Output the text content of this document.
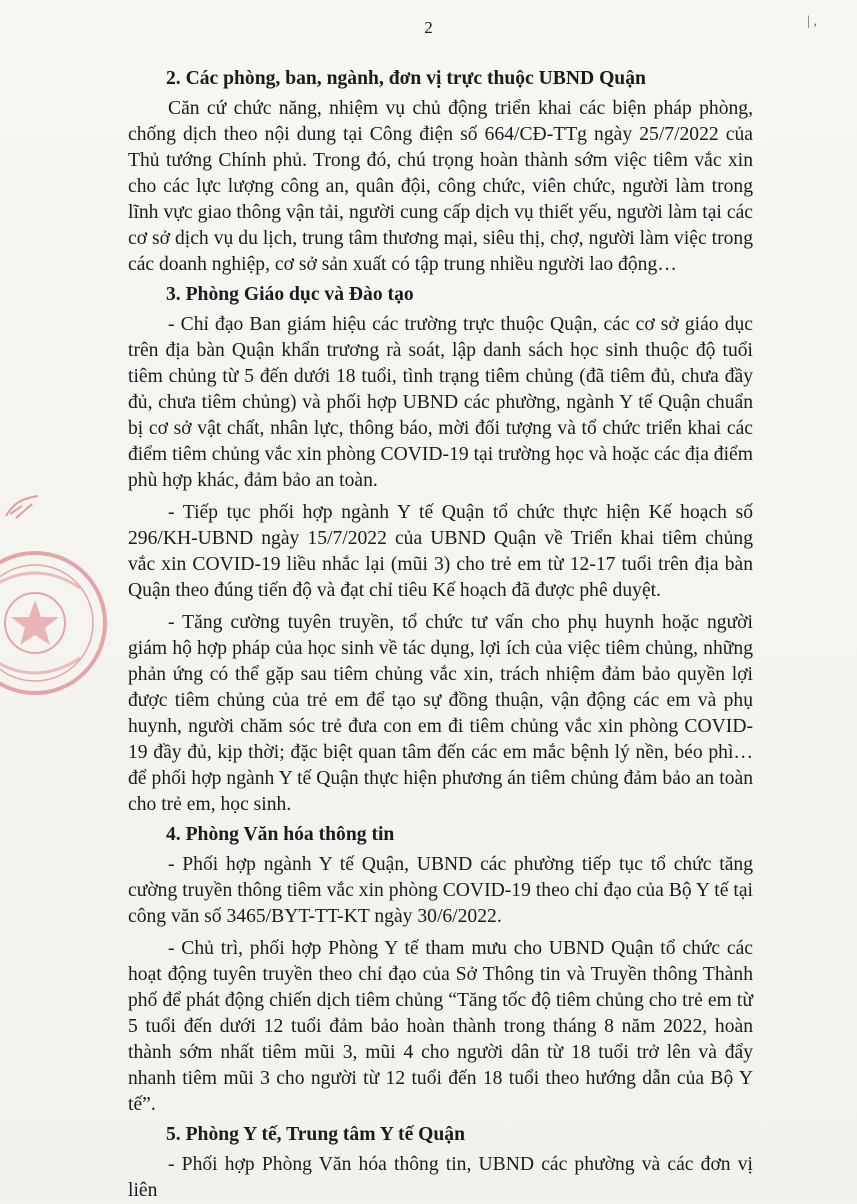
2	| ,

2. Các phòng, ban, ngành, đơn vị trực thuộc UBND Quận

Căn cứ chức năng, nhiệm vụ chủ động triển khai các biện pháp phòng, chống dịch theo nội dung tại Công điện số 664/CĐ-TTg ngày 25/7/2022 của Thủ tướng Chính phủ. Trong đó, chú trọng hoàn thành sớm việc tiêm vắc xin cho các lực lượng công an, quân đội, công chức, viên chức, người làm trong lĩnh vực giao thông vận tải, người cung cấp dịch vụ thiết yếu, người làm tại các cơ sở dịch vụ du lịch, trung tâm thương mại, siêu thị, chợ, người làm việc trong các doanh nghiệp, cơ sở sản xuất có tập trung nhiều người lao động…

3. Phòng Giáo dục và Đào tạo

- Chỉ đạo Ban giám hiệu các trường trực thuộc Quận, các cơ sở giáo dục trên địa bàn Quận khẩn trương rà soát, lập danh sách học sinh thuộc độ tuổi tiêm chủng từ 5 đến dưới 18 tuổi, tình trạng tiêm chủng (đã tiêm đủ, chưa đầy đủ, chưa tiêm chủng) và phối hợp UBND các phường, ngành Y tế Quận chuẩn bị cơ sở vật chất, nhân lực, thông báo, mời đối tượng và tổ chức triển khai các điểm tiêm chủng vắc xin phòng COVID-19 tại trường học và hoặc các địa điểm phù hợp khác, đảm bảo an toàn.

- Tiếp tục phối hợp ngành Y tế Quận tổ chức thực hiện Kế hoạch số 296/KH-UBND ngày 15/7/2022 của UBND Quận về Triển khai tiêm chủng vắc xin COVID-19 liều nhắc lại (mũi 3) cho trẻ em từ 12-17 tuổi trên địa bàn Quận theo đúng tiến độ và đạt chỉ tiêu Kế hoạch đã được phê duyệt.

- Tăng cường tuyên truyền, tổ chức tư vấn cho phụ huynh hoặc người giám hộ hợp pháp của học sinh về tác dụng, lợi ích của việc tiêm chủng, những phản ứng có thể gặp sau tiêm chủng vắc xin, trách nhiệm đảm bảo quyền lợi được tiêm chủng của trẻ em để tạo sự đồng thuận, vận động các em và phụ huynh, người chăm sóc trẻ đưa con em đi tiêm chủng vắc xin phòng COVID-19 đầy đủ, kịp thời; đặc biệt quan tâm đến các em mắc bệnh lý nền, béo phì… để phối hợp ngành Y tế Quận thực hiện phương án tiêm chủng đảm bảo an toàn cho trẻ em, học sinh.

4. Phòng Văn hóa thông tin

- Phối hợp ngành Y tế Quận, UBND các phường tiếp tục tổ chức tăng cường truyền thông tiêm vắc xin phòng COVID-19 theo chỉ đạo của Bộ Y tế tại công văn số 3465/BYT-TT-KT ngày 30/6/2022.

- Chủ trì, phối hợp Phòng Y tế tham mưu cho UBND Quận tổ chức các hoạt động tuyên truyền theo chỉ đạo của Sở Thông tin và Truyền thông Thành phố để phát động chiến dịch tiêm chủng “Tăng tốc độ tiêm chủng cho trẻ em từ 5 tuổi đến dưới 12 tuổi đảm bảo hoàn thành trong tháng 8 năm 2022, hoàn thành sớm nhất tiêm mũi 3, mũi 4 cho người dân từ 18 tuổi trở lên và đẩy nhanh tiêm mũi 3 cho người từ 12 tuổi đến 18 tuổi theo hướng dẫn của Bộ Y tế”.

5. Phòng Y tế, Trung tâm Y tế Quận

- Phối hợp Phòng Văn hóa thông tin, UBND các phường và các đơn vị liên
